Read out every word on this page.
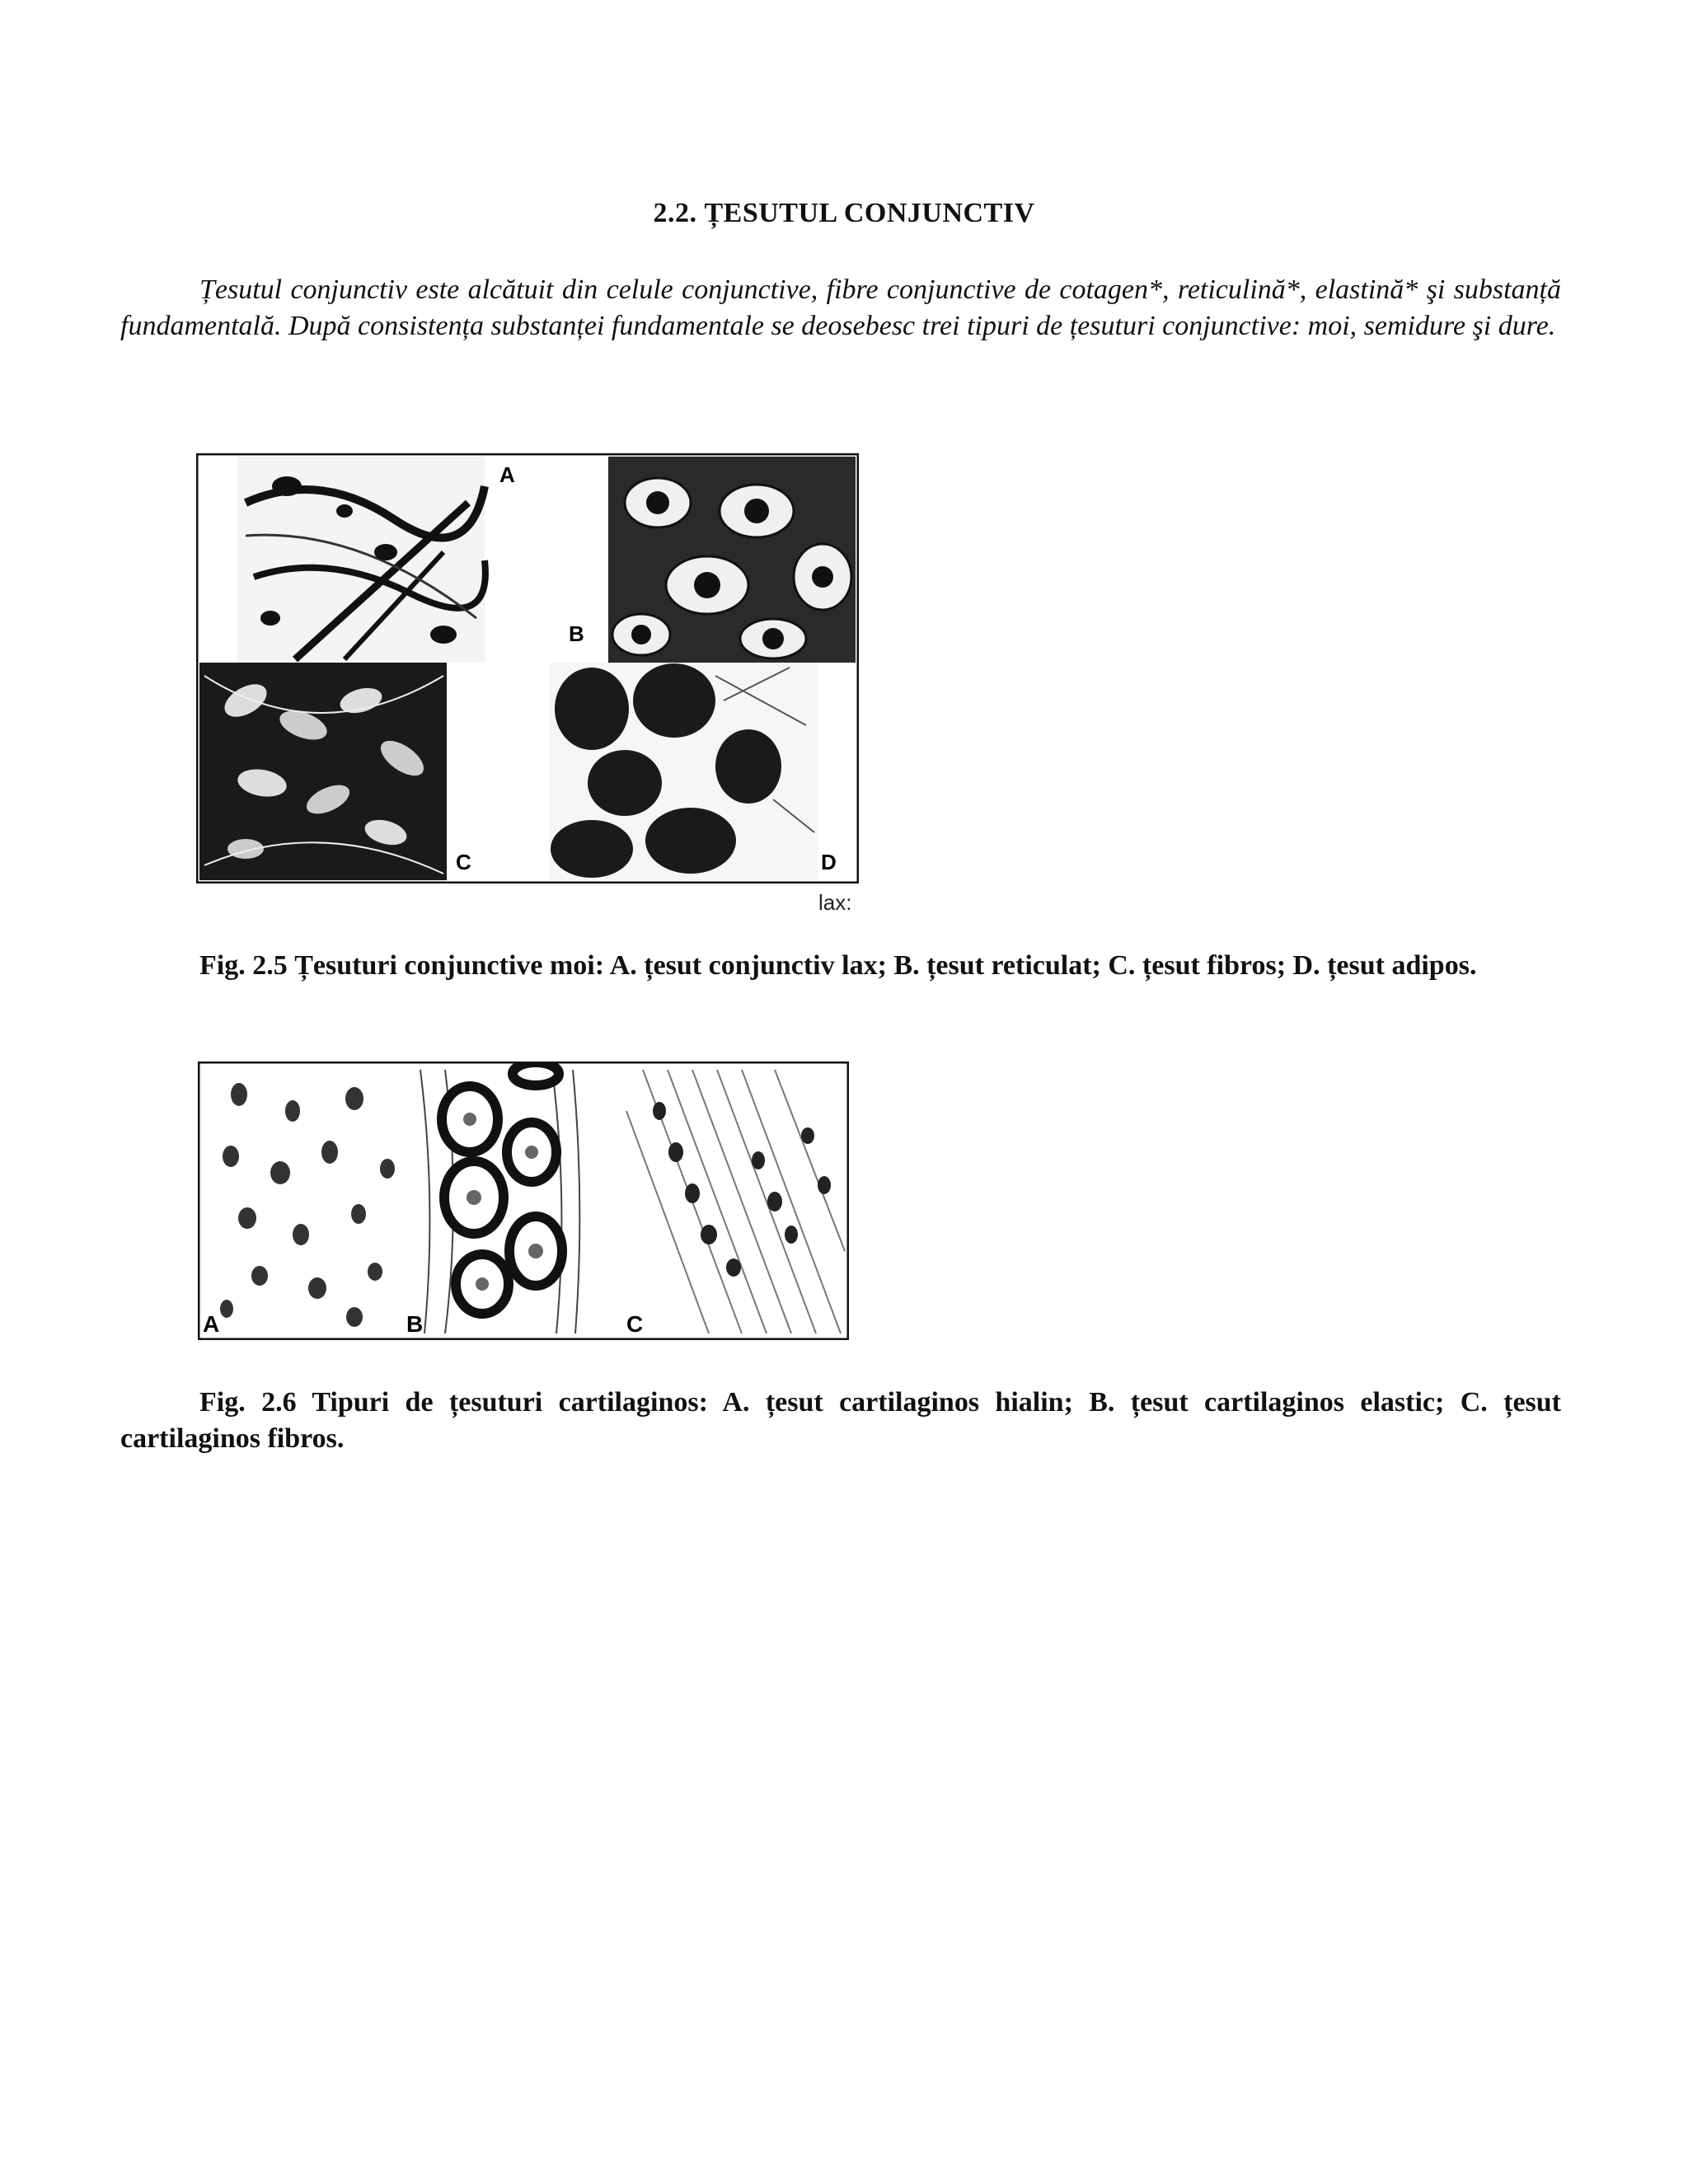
2.2. ȚESUTUL CONJUNCTIV
Țesutul conjunctiv este alcătuit din celule conjunctive, fibre conjunctive de cotagen*, reticulină*, elastină* şi substanță fundamentală. După consistența substanței fundamentale se deosebesc trei tipuri de țesuturi conjunctive: moi, semidure şi dure.
A
B
C	D
lax:
Fig. 2.5 Țesuturi conjunctive moi: A. țesut conjunctiv lax; B. țesut reticulat; C. țesut fibros; D. țesut adipos.
A	B	C
Fig. 2.6 Tipuri de țesuturi cartilaginos: A. țesut cartilaginos hialin; B. țesut cartilaginos elastic; C. țesut cartilaginos fibros.
